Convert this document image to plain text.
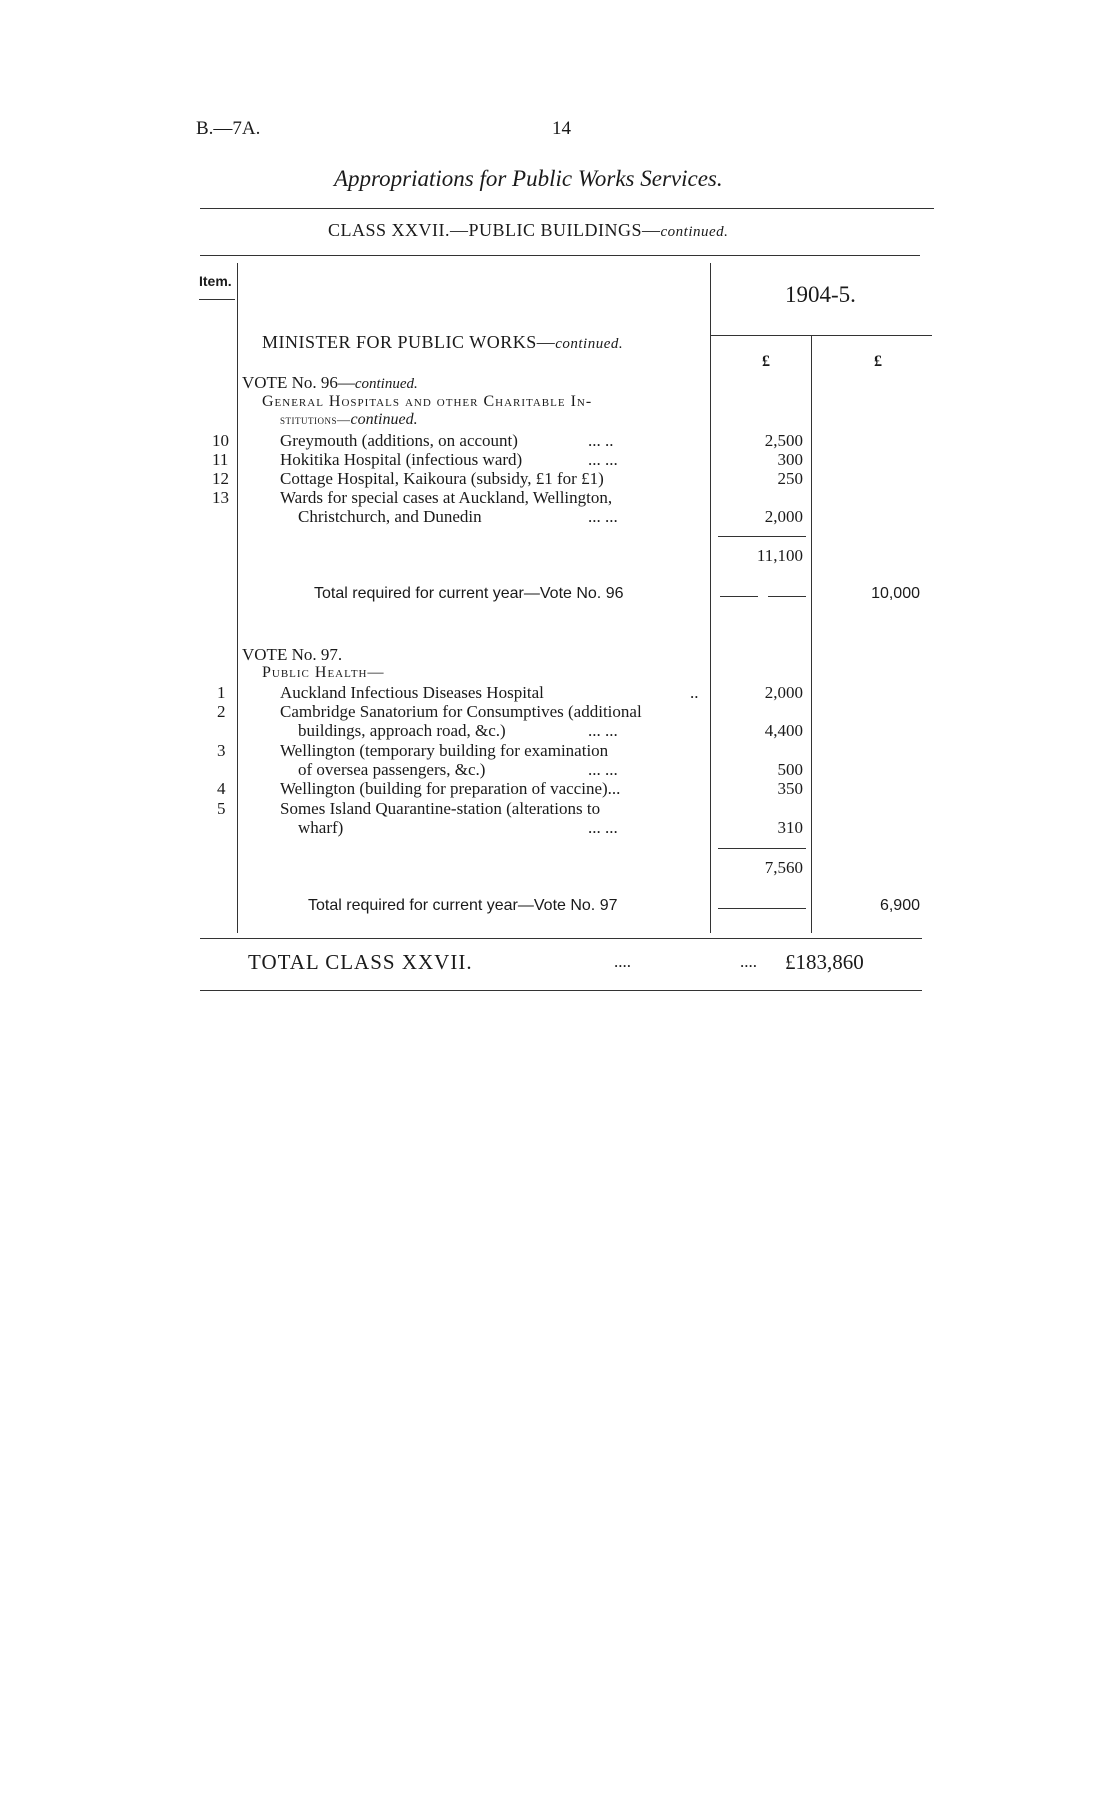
B.—7A.	14
Appropriations for Public Works Services.
CLASS XXVII.—PUBLIC BUILDINGS—continued.
Item.
1904-5.
£	£
MINISTER FOR PUBLIC WORKS—continued.
VOTE No. 96—continued.
General Hospitals and other Charitable In-
stitutions—continued.
10	Greymouth (additions, on account)	... ..	2,500
11	Hokitika Hospital (infectious ward)	... ...	300
12	Cottage Hospital, Kaikoura (subsidy, £1 for £1)	250
13	Wards for special cases at Auckland, Wellington,
Christchurch, and Dunedin	... ...	2,000
11,100
Total required for current year—Vote No. 96	10,000
VOTE No. 97.
Public Health—
1	Auckland Infectious Diseases Hospital	..	2,000
2	Cambridge Sanatorium for Consumptives (additional
buildings, approach road, &c.)	... ...	4,400
3	Wellington (temporary building for examination
of oversea passengers, &c.)	... ...	500
4	Wellington (building for preparation of vaccine)...	350
5	Somes Island Quarantine-station (alterations to
wharf)	... ...	310
7,560
Total required for current year—Vote No. 97	6,900
TOTAL CLASS XXVII.	....	.... £183,860
